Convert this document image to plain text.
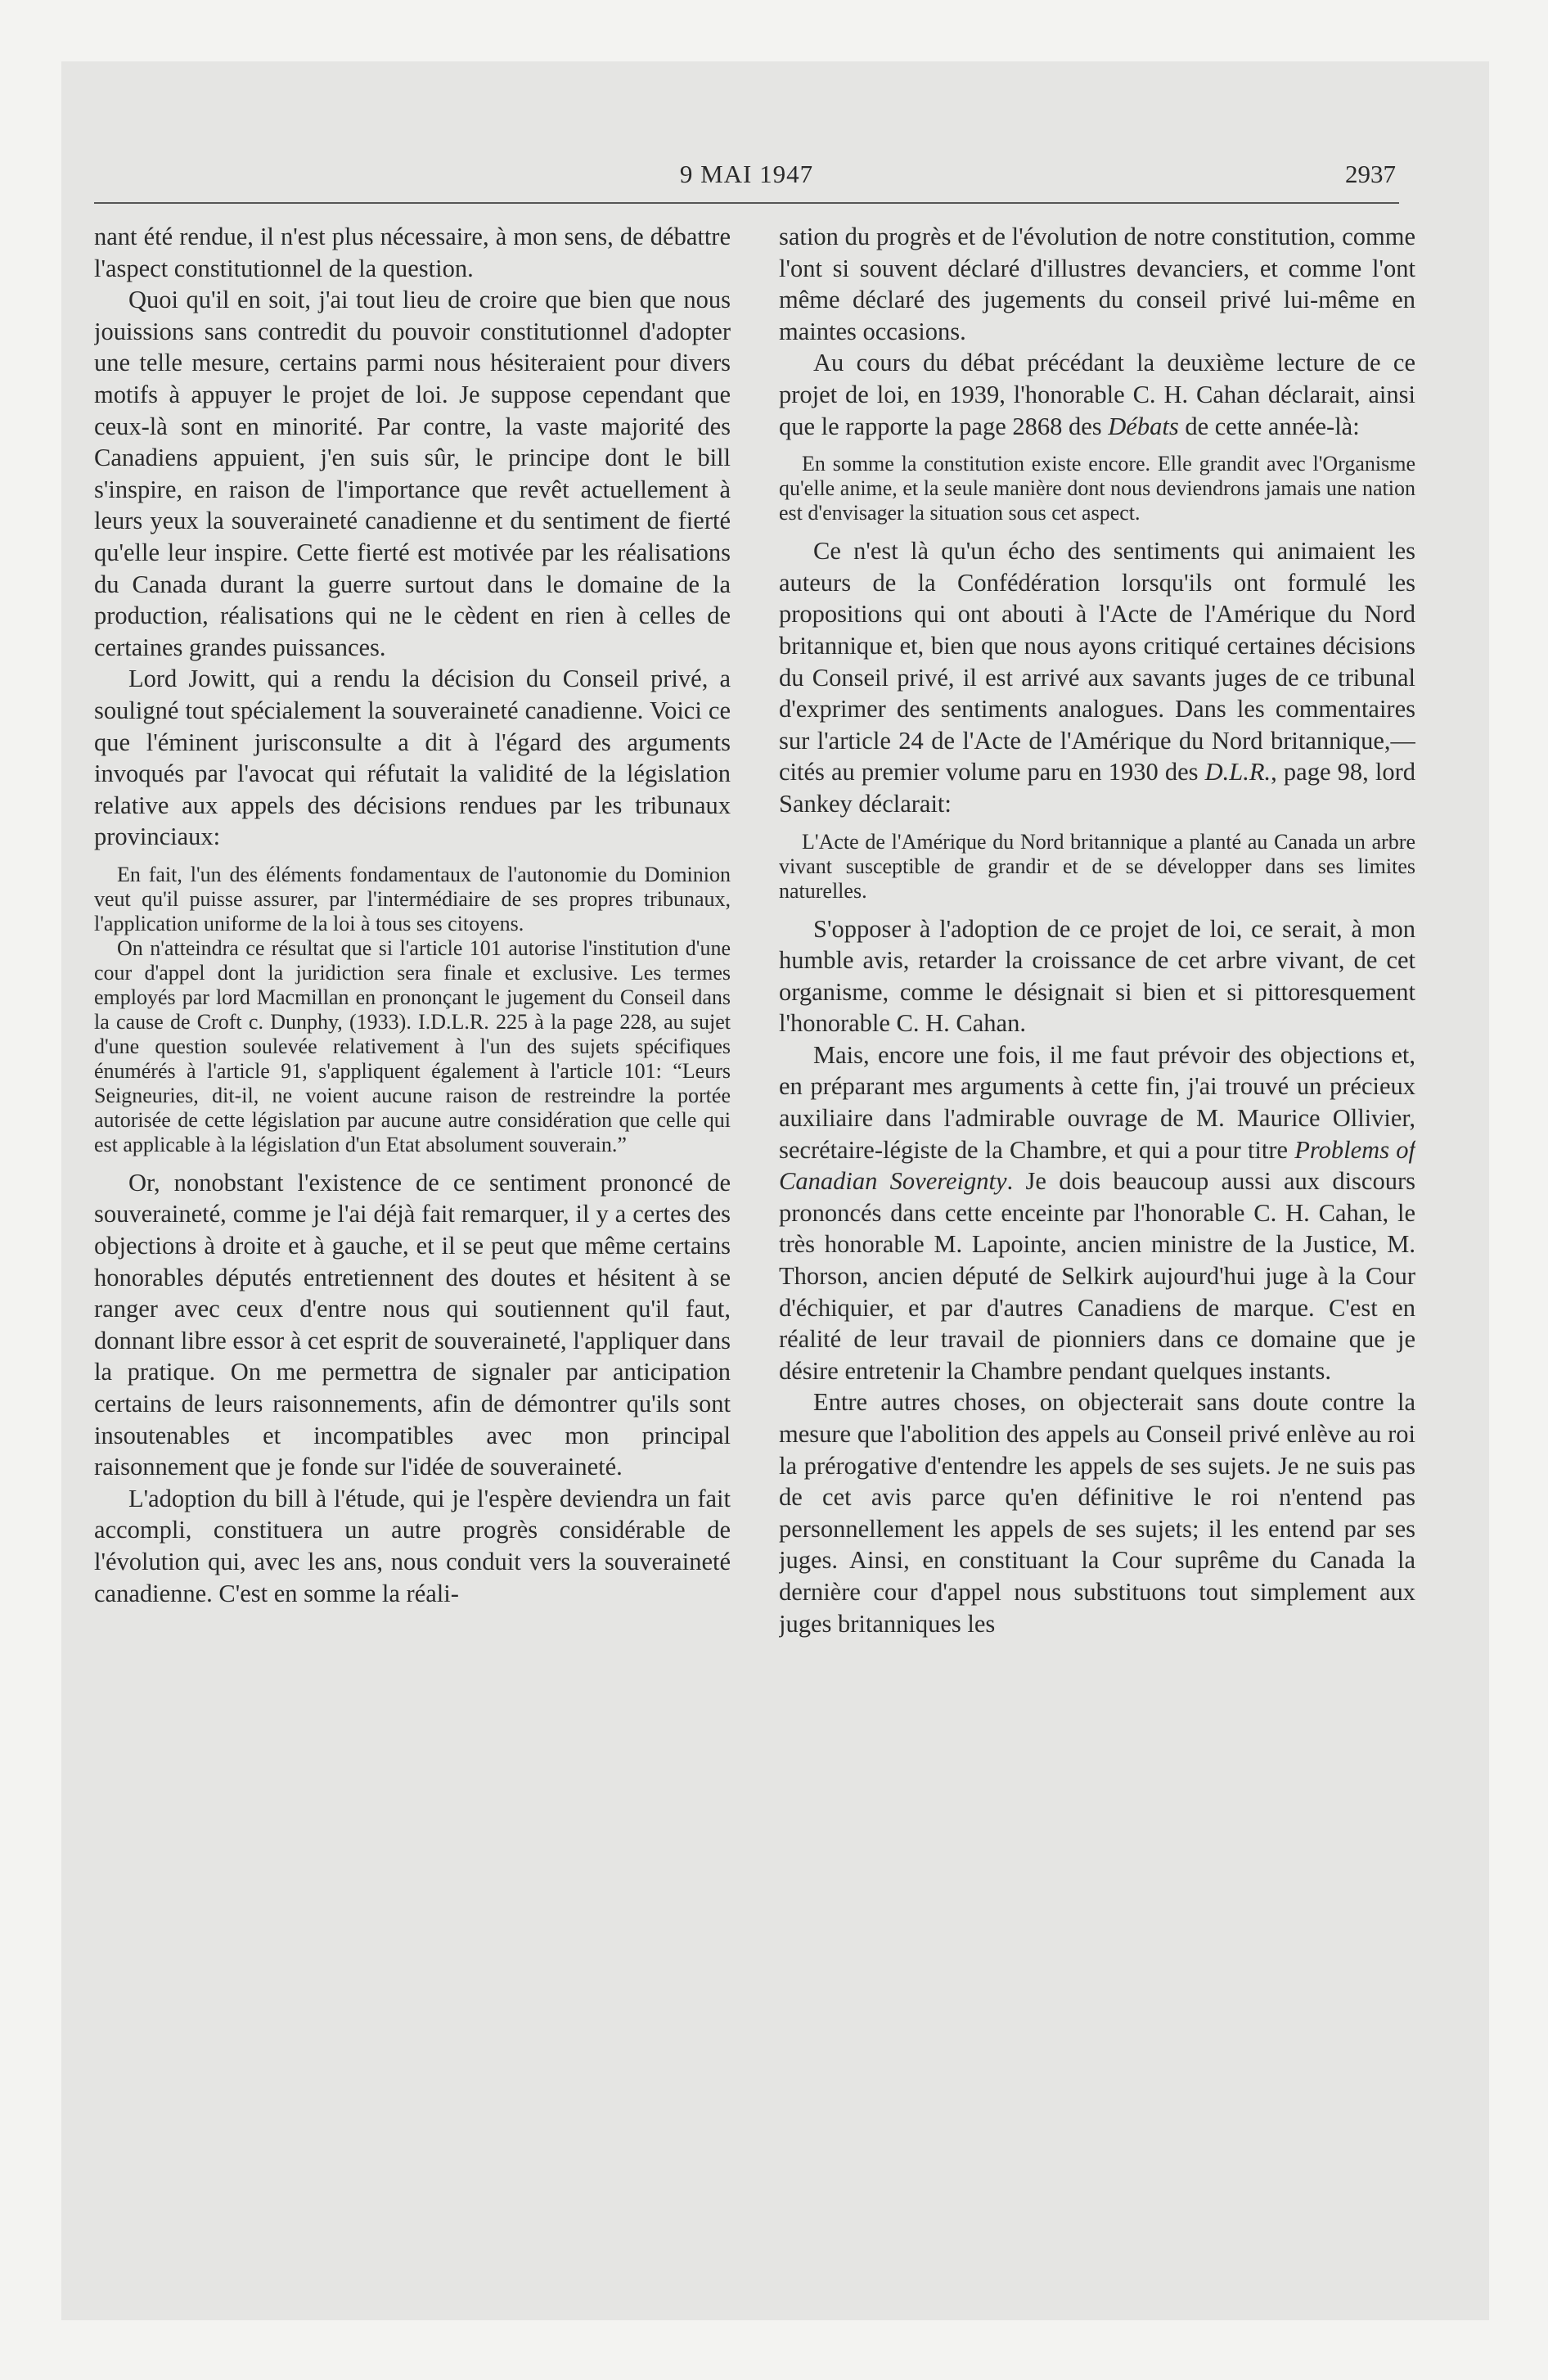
9 MAI 1947	2937

nant été rendue, il n'est plus nécessaire, à mon sens, de débattre l'aspect constitutionnel de la question.

Quoi qu'il en soit, j'ai tout lieu de croire que bien que nous jouissions sans contredit du pouvoir constitutionnel d'adopter une telle mesure, certains parmi nous hésiteraient pour divers motifs à appuyer le projet de loi. Je suppose cependant que ceux-là sont en minorité. Par contre, la vaste majorité des Canadiens appuient, j'en suis sûr, le principe dont le bill s'inspire, en raison de l'importance que revêt actuellement à leurs yeux la souveraineté canadienne et du sentiment de fierté qu'elle leur inspire. Cette fierté est motivée par les réalisations du Canada durant la guerre surtout dans le domaine de la production, réalisations qui ne le cèdent en rien à celles de certaines grandes puissances.

Lord Jowitt, qui a rendu la décision du Conseil privé, a souligné tout spécialement la souveraineté canadienne. Voici ce que l'éminent jurisconsulte a dit à l'égard des arguments invoqués par l'avocat qui réfutait la validité de la législation relative aux appels des décisions rendues par les tribunaux provinciaux:

En fait, l'un des éléments fondamentaux de l'autonomie du Dominion veut qu'il puisse assurer, par l'intermédiaire de ses propres tribunaux, l'application uniforme de la loi à tous ses citoyens.

On n'atteindra ce résultat que si l'article 101 autorise l'institution d'une cour d'appel dont la juridiction sera finale et exclusive. Les termes employés par lord Macmillan en prononçant le jugement du Conseil dans la cause de Croft c. Dunphy, (1933). I.D.L.R. 225 à la page 228, au sujet d'une question soulevée relativement à l'un des sujets spécifiques énumérés à l'article 91, s'appliquent également à l'article 101: “Leurs Seigneuries, dit-il, ne voient aucune raison de restreindre la portée autorisée de cette législation par aucune autre considération que celle qui est applicable à la législation d'un Etat absolument souverain.”

Or, nonobstant l'existence de ce sentiment prononcé de souveraineté, comme je l'ai déjà fait remarquer, il y a certes des objections à droite et à gauche, et il se peut que même certains honorables députés entretiennent des doutes et hésitent à se ranger avec ceux d'entre nous qui soutiennent qu'il faut, donnant libre essor à cet esprit de souveraineté, l'appliquer dans la pratique. On me permettra de signaler par anticipation certains de leurs raisonnements, afin de démontrer qu'ils sont insoutenables et incompatibles avec mon principal raisonnement que je fonde sur l'idée de souveraineté.

L'adoption du bill à l'étude, qui je l'espère deviendra un fait accompli, constituera un autre progrès considérable de l'évolution qui, avec les ans, nous conduit vers la souveraineté canadienne. C'est en somme la réali-

sation du progrès et de l'évolution de notre constitution, comme l'ont si souvent déclaré d'illustres devanciers, et comme l'ont même déclaré des jugements du conseil privé lui-même en maintes occasions.

Au cours du débat précédant la deuxième lecture de ce projet de loi, en 1939, l'honorable C. H. Cahan déclarait, ainsi que le rapporte la page 2868 des Débats de cette année-là:

En somme la constitution existe encore. Elle grandit avec l'Organisme qu'elle anime, et la seule manière dont nous deviendrons jamais une nation est d'envisager la situation sous cet aspect.

Ce n'est là qu'un écho des sentiments qui animaient les auteurs de la Confédération lorsqu'ils ont formulé les propositions qui ont abouti à l'Acte de l'Amérique du Nord britannique et, bien que nous ayons critiqué certaines décisions du Conseil privé, il est arrivé aux savants juges de ce tribunal d'exprimer des sentiments analogues. Dans les commentaires sur l'article 24 de l'Acte de l'Amérique du Nord britannique,—cités au premier volume paru en 1930 des D.L.R., page 98, lord Sankey déclarait:

L'Acte de l'Amérique du Nord britannique a planté au Canada un arbre vivant susceptible de grandir et de se développer dans ses limites naturelles.

S'opposer à l'adoption de ce projet de loi, ce serait, à mon humble avis, retarder la croissance de cet arbre vivant, de cet organisme, comme le désignait si bien et si pittoresquement l'honorable C. H. Cahan.

Mais, encore une fois, il me faut prévoir des objections et, en préparant mes arguments à cette fin, j'ai trouvé un précieux auxiliaire dans l'admirable ouvrage de M. Maurice Ollivier, secrétaire-légiste de la Chambre, et qui a pour titre Problems of Canadian Sovereignty. Je dois beaucoup aussi aux discours prononcés dans cette enceinte par l'honorable C. H. Cahan, le très honorable M. Lapointe, ancien ministre de la Justice, M. Thorson, ancien député de Selkirk aujourd'hui juge à la Cour d'échiquier, et par d'autres Canadiens de marque. C'est en réalité de leur travail de pionniers dans ce domaine que je désire entretenir la Chambre pendant quelques instants.

Entre autres choses, on objecterait sans doute contre la mesure que l'abolition des appels au Conseil privé enlève au roi la prérogative d'entendre les appels de ses sujets. Je ne suis pas de cet avis parce qu'en définitive le roi n'entend pas personnellement les appels de ses sujets; il les entend par ses juges. Ainsi, en constituant la Cour suprême du Canada la dernière cour d'appel nous substituons tout simplement aux juges britanniques les
